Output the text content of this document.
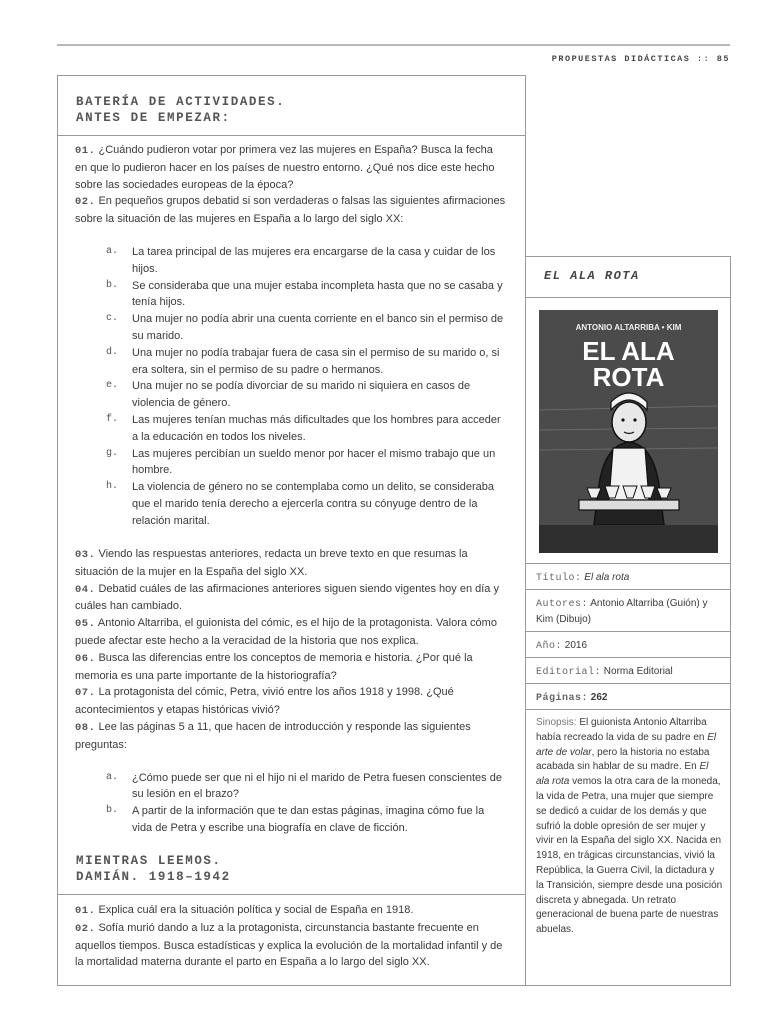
PROPUESTAS DIDÁCTICAS :: 85
BATERÍA DE ACTIVIDADES.
ANTES DE EMPEZAR:

01. ¿Cuándo pudieron votar por primera vez las mujeres en España? Busca la fecha en que lo pudieron hacer en los países de nuestro entorno. ¿Qué nos dice este hecho sobre las sociedades europeas de la época?

02. En pequeños grupos debatid si son verdaderas o falsas las siguientes afirmaciones sobre la situación de las mujeres en España a lo largo del siglo XX:

a. La tarea principal de las mujeres era encargarse de la casa y cuidar de los hijos.

b. Se consideraba que una mujer estaba incompleta hasta que no se casaba y tenía hijos.

c. Una mujer no podía abrir una cuenta corriente en el banco sin el permiso de su marido.

d. Una mujer no podía trabajar fuera de casa sin el permiso de su marido o, si era soltera, sin el permiso de su padre o hermanos.

e. Una mujer no se podía divorciar de su marido ni siquiera en casos de violencia de género.

f. Las mujeres tenían muchas más dificultades que los hombres para acceder a la educación en todos los niveles.

g. Las mujeres percibían un sueldo menor por hacer el mismo trabajo que un hombre.

h. La violencia de género no se contemplaba como un delito, se consideraba que el marido tenía derecho a ejercerla contra su cónyuge dentro de la relación marital.

03. Viendo las respuestas anteriores, redacta un breve texto en que resumas la situación de la mujer en la España del siglo XX.

04. Debatid cuáles de las afirmaciones anteriores siguen siendo vigentes hoy en día y cuáles han cambiado.

05. Antonio Altarriba, el guionista del cómic, es el hijo de la protagonista. Valora cómo puede afectar este hecho a la veracidad de la historia que nos explica.

06. Busca las diferencias entre los conceptos de memoria e historia. ¿Por qué la memoria es una parte importante de la historiografía?

07. La protagonista del cómic, Petra, vivió entre los años 1918 y 1998. ¿Qué acontecimientos y etapas históricas vivió?

08. Lee las páginas 5 a 11, que hacen de introducción y responde las siguientes preguntas:

a. ¿Cómo puede ser que ni el hijo ni el marido de Petra fuesen conscientes de su lesión en el brazo?

b. A partir de la información que te dan estas páginas, imagina cómo fue la vida de Petra y escribe una biografía en clave de ficción.

MIENTRAS LEEMOS.
DAMIÁN. 1918–1942

01. Explica cuál era la situación política y social de España en 1918.

02. Sofía murió dando a luz a la protagonista, circunstancia bastante frecuente en aquellos tiempos. Busca estadísticas y explica la evolución de la mortalidad infantil y de la mortalidad materna durante el parto en España a lo largo del siglo XX.

EL ALA ROTA
ANTONIO ALTARRIBA • KIM
EL ALA
ROTA
Título: El ala rota
Autores: Antonio Altarriba (Guión) y Kim (Dibujo)
Año: 2016
Editorial: Norma Editorial
Páginas: 262
Sinopsis: El guionista Antonio Altarriba había recreado la vida de su padre en El arte de volar, pero la historia no estaba acabada sin hablar de su madre. En El ala rota vemos la otra cara de la moneda, la vida de Petra, una mujer que siempre se dedicó a cuidar de los demás y que sufrió la doble opresión de ser mujer y vivir en la España del siglo XX. Nacida en 1918, en trágicas circunstancias, vivió la República, la Guerra Civil, la dictadura y la Transición, siempre desde una posición discreta y abnegada. Un retrato generacional de buena parte de nuestras abuelas.
